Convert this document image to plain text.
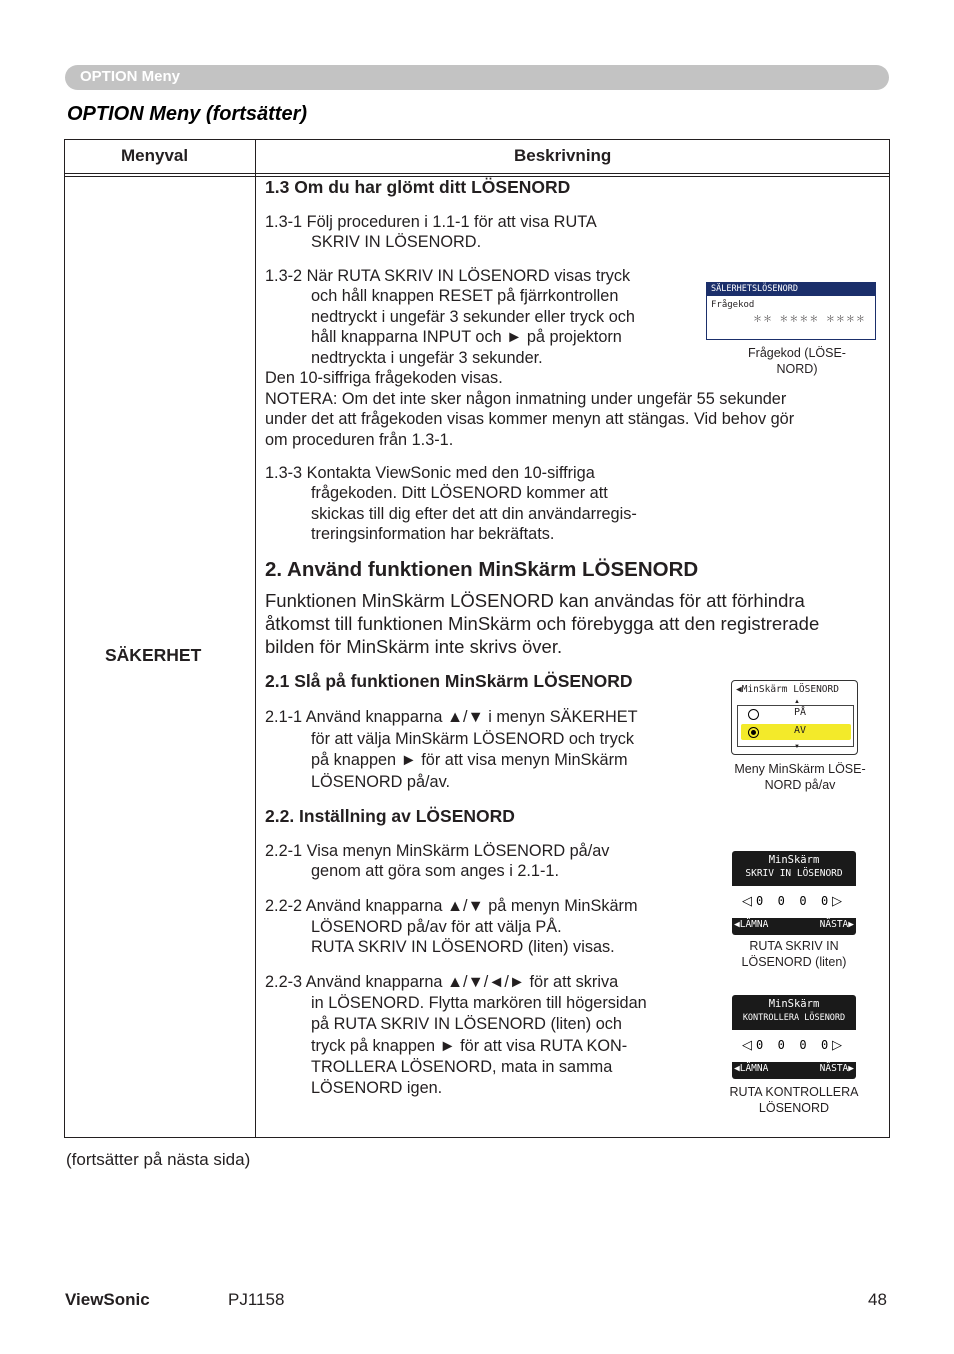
OPTION Meny
OPTION Meny (fortsätter)
Menyval	Beskrivning
SÄKERHET
1.3 Om du har glömt ditt LÖSENORD
1.3-1 Följ proceduren i 1.1-1 för att visa RUTA
SKRIV IN LÖSENORD.
1.3-2 När RUTA SKRIV IN LÖSENORD visas tryck
och håll knappen RESET på fjärrkontrollen
nedtryckt i ungefär 3 sekunder eller tryck och
håll knapparna INPUT och ► på projektorn
nedtryckta i ungefär 3 sekunder.
Den 10-siffriga frågekoden visas.
NOTERA: Om det inte sker någon inmatning under ungefär 55 sekunder
under det att frågekoden visas kommer menyn att stängas. Vid behov gör
om proceduren från 1.3-1.
1.3-3 Kontakta ViewSonic med den 10-siffriga
frågekoden. Ditt LÖSENORD kommer att
skickas till dig efter det att din användarregis-
treringsinformation har bekräftats.
SÄLERHETSLÖSENORD
Frågekod
＊＊ ＊＊＊＊ ＊＊＊＊
Frågekod (LÖSE-
NORD)
2. Använd funktionen MinSkärm LÖSENORD
Funktionen MinSkärm LÖSENORD kan användas för att förhindra
åtkomst till funktionen MinSkärm och förebygga att den registrerade
bilden för MinSkärm inte skrivs över.
2.1 Slå på funktionen MinSkärm LÖSENORD
2.1-1 Använd knapparna ▲/▼ i menyn SÄKERHET
för att välja MinSkärm LÖSENORD och tryck
på knappen ► för att visa menyn MinSkärm
LÖSENORD på/av.
◀MinSkärm LÖSENORD
PÅ
AV
▲
▼
Meny MinSkärm LÖSE-
NORD på/av
2.2. Inställning av LÖSENORD
2.2-1 Visa menyn MinSkärm LÖSENORD på/av
genom att göra som anges i 2.1-1.
2.2-2 Använd knapparna ▲/▼ på menyn MinSkärm
LÖSENORD på/av för att välja PÅ.
RUTA SKRIV IN LÖSENORD (liten) visas.
2.2-3 Använd knapparna ▲/▼/◄/► för att skriva
in LÖSENORD. Flytta markören till högersidan
på RUTA SKRIV IN LÖSENORD (liten) och
tryck på knappen ► för att visa RUTA KON-
TROLLERA LÖSENORD, mata in samma
LÖSENORD igen.
MinSkärm
SKRIV IN LÖSENORD
◁ 0  0  0  0 ▷
◀LÄMNA	NÄSTA▶
RUTA SKRIV IN
LÖSENORD (liten)
MinSkärm
KONTROLLERA LÖSENORD
◁ 0  0  0  0 ▷
◀LÄMNA	NÄSTA▶
RUTA KONTROLLERA
LÖSENORD
(fortsätter på nästa sida)
ViewSonic	PJ1158	48
